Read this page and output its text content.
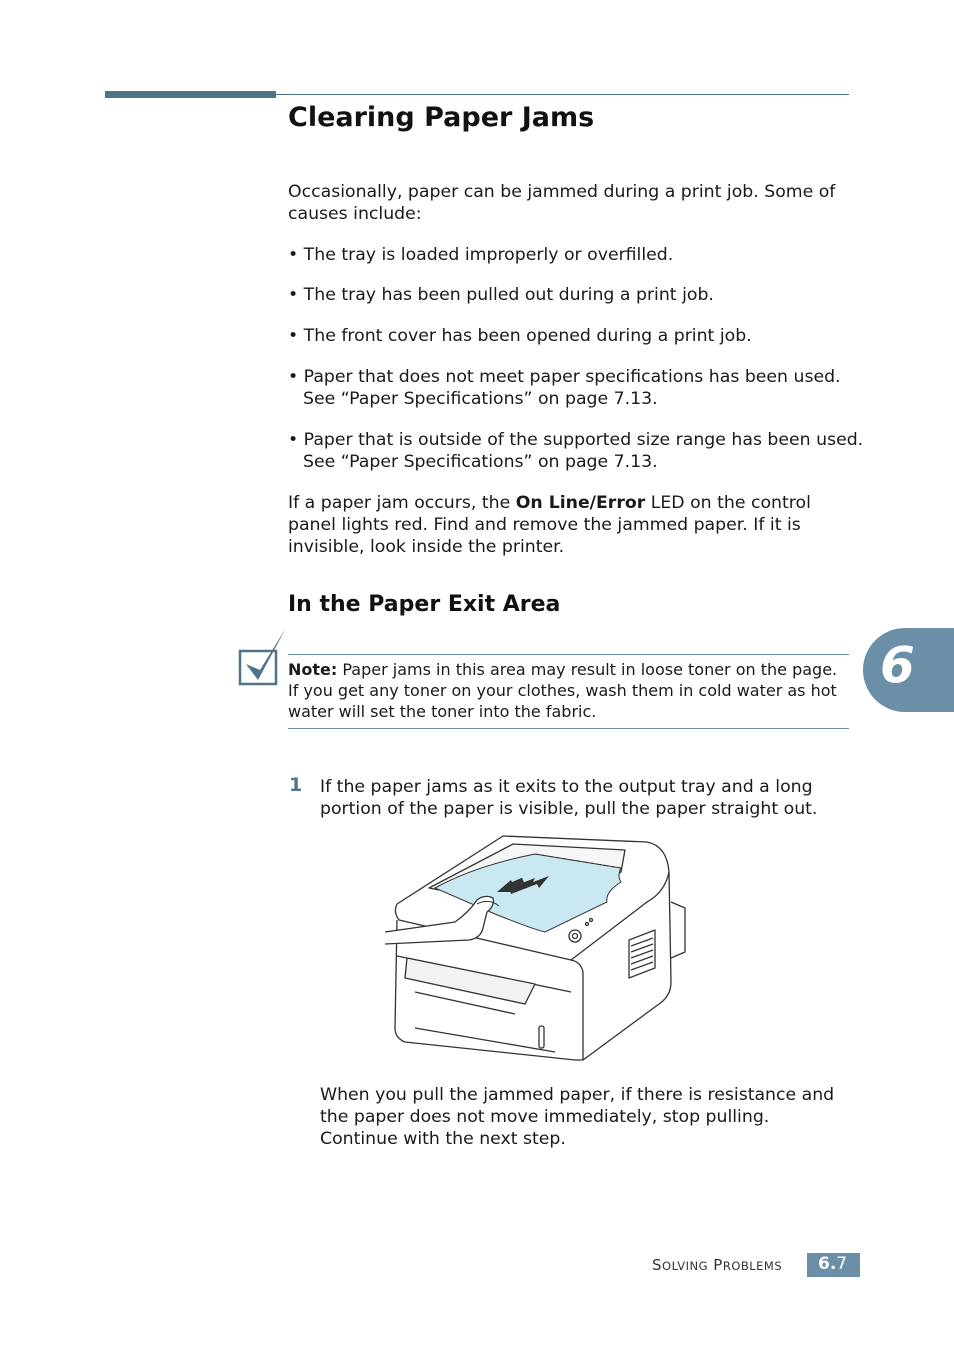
Clearing Paper Jams
Occasionally, paper can be jammed during a print job. Some of causes include:
• The tray is loaded improperly or overfilled.
• The tray has been pulled out during a print job.
• The front cover has been opened during a print job.
• Paper that does not meet paper specifications has been used. See “Paper Specifications” on page 7.13.
• Paper that is outside of the supported size range has been used. See “Paper Specifications” on page 7.13.
If a paper jam occurs, the On Line/Error LED on the control panel lights red. Find and remove the jammed paper. If it is invisible, look inside the printer.
In the Paper Exit Area
6
Note: Paper jams in this area may result in loose toner on the page. If you get any toner on your clothes, wash them in cold water as hot water will set the toner into the fabric.
1 If the paper jams as it exits to the output tray and a long portion of the paper is visible, pull the paper straight out.
When you pull the jammed paper, if there is resistance and the paper does not move immediately, stop pulling. Continue with the next step.
SOLVING PROBLEMS 6.7
